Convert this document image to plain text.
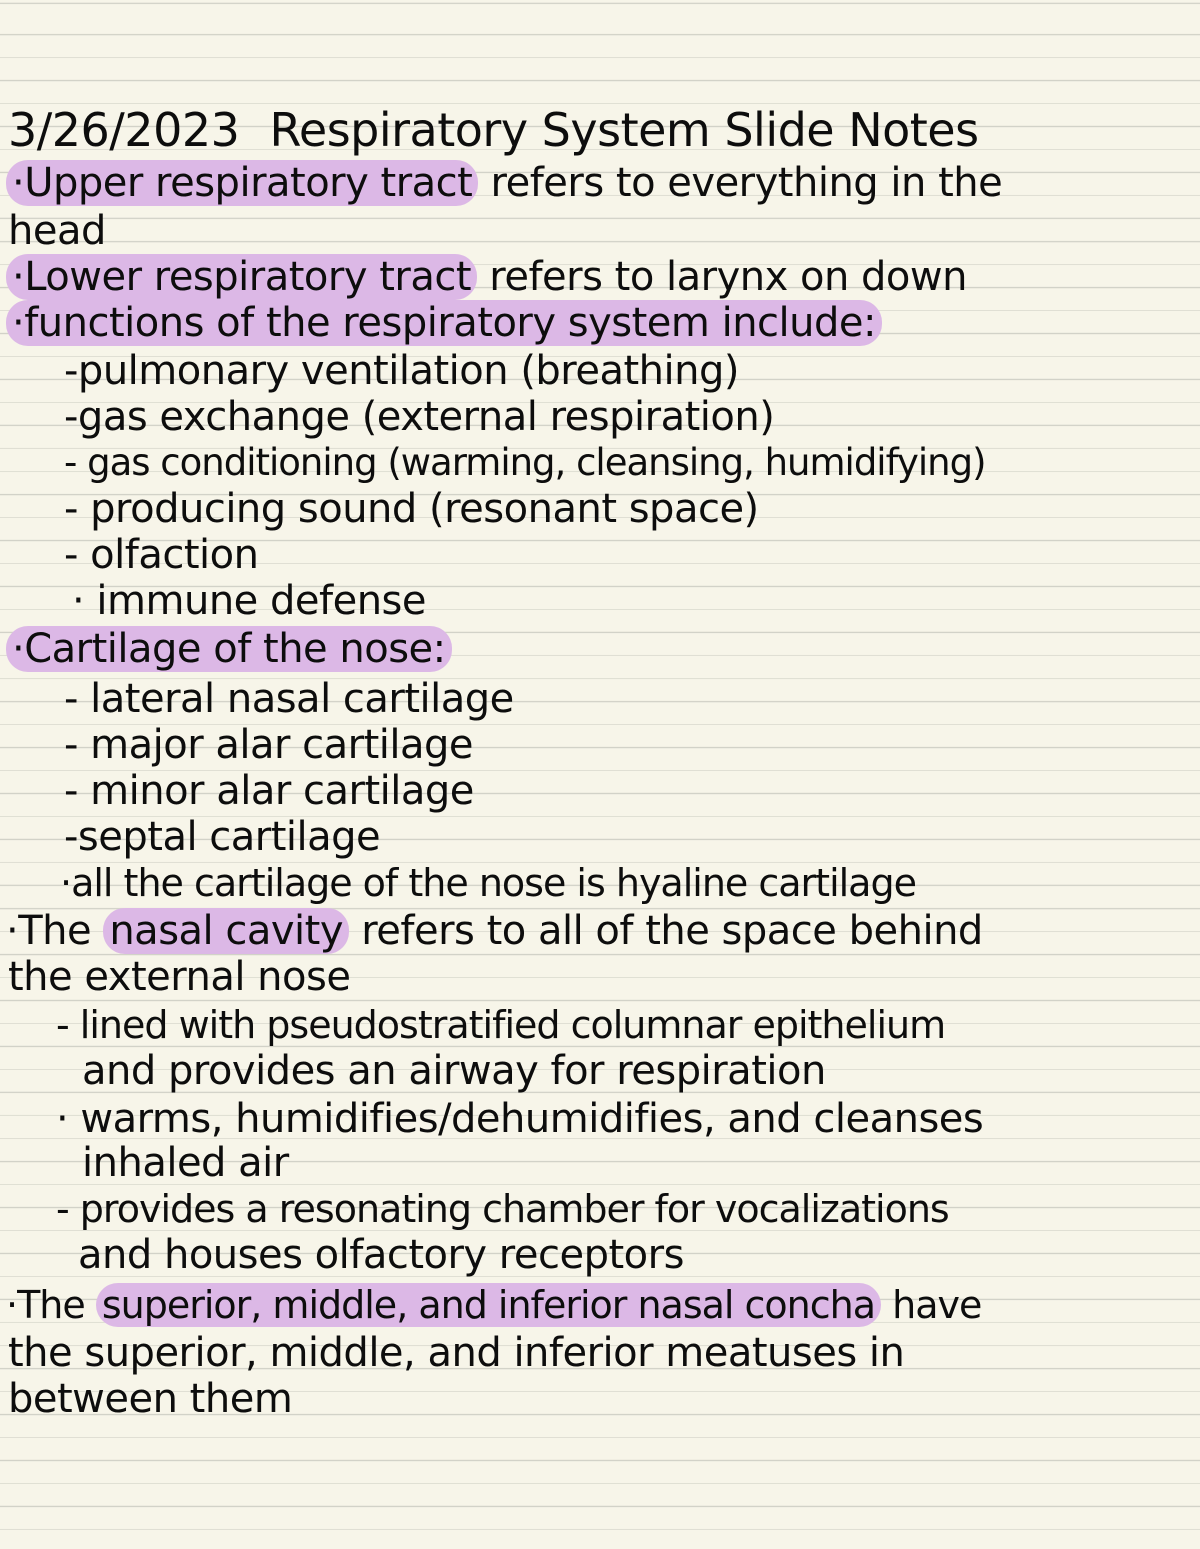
3/26/2023 Respiratory System Slide Notes

·Upper respiratory tract refers to everything in the

head

·Lower respiratory tract refers to larynx on down

·functions of the respiratory system include:

-pulmonary ventilation (breathing)

-gas exchange (external respiration)

- gas conditioning (warming, cleansing, humidifying)

- producing sound (resonant space)

- olfaction

· immune defense

·Cartilage of the nose:

- lateral nasal cartilage

- major alar cartilage

- minor alar cartilage

-septal cartilage

·all the cartilage of the nose is hyaline cartilage

·The nasal cavity refers to all of the space behind

the external nose

- lined with pseudostratified columnar epithelium

and provides an airway for respiration

· warms, humidifies/dehumidifies, and cleanses

inhaled air

- provides a resonating chamber for vocalizations

and houses olfactory receptors

·The superior, middle, and inferior nasal concha have

the superior, middle, and inferior meatuses in

between them
